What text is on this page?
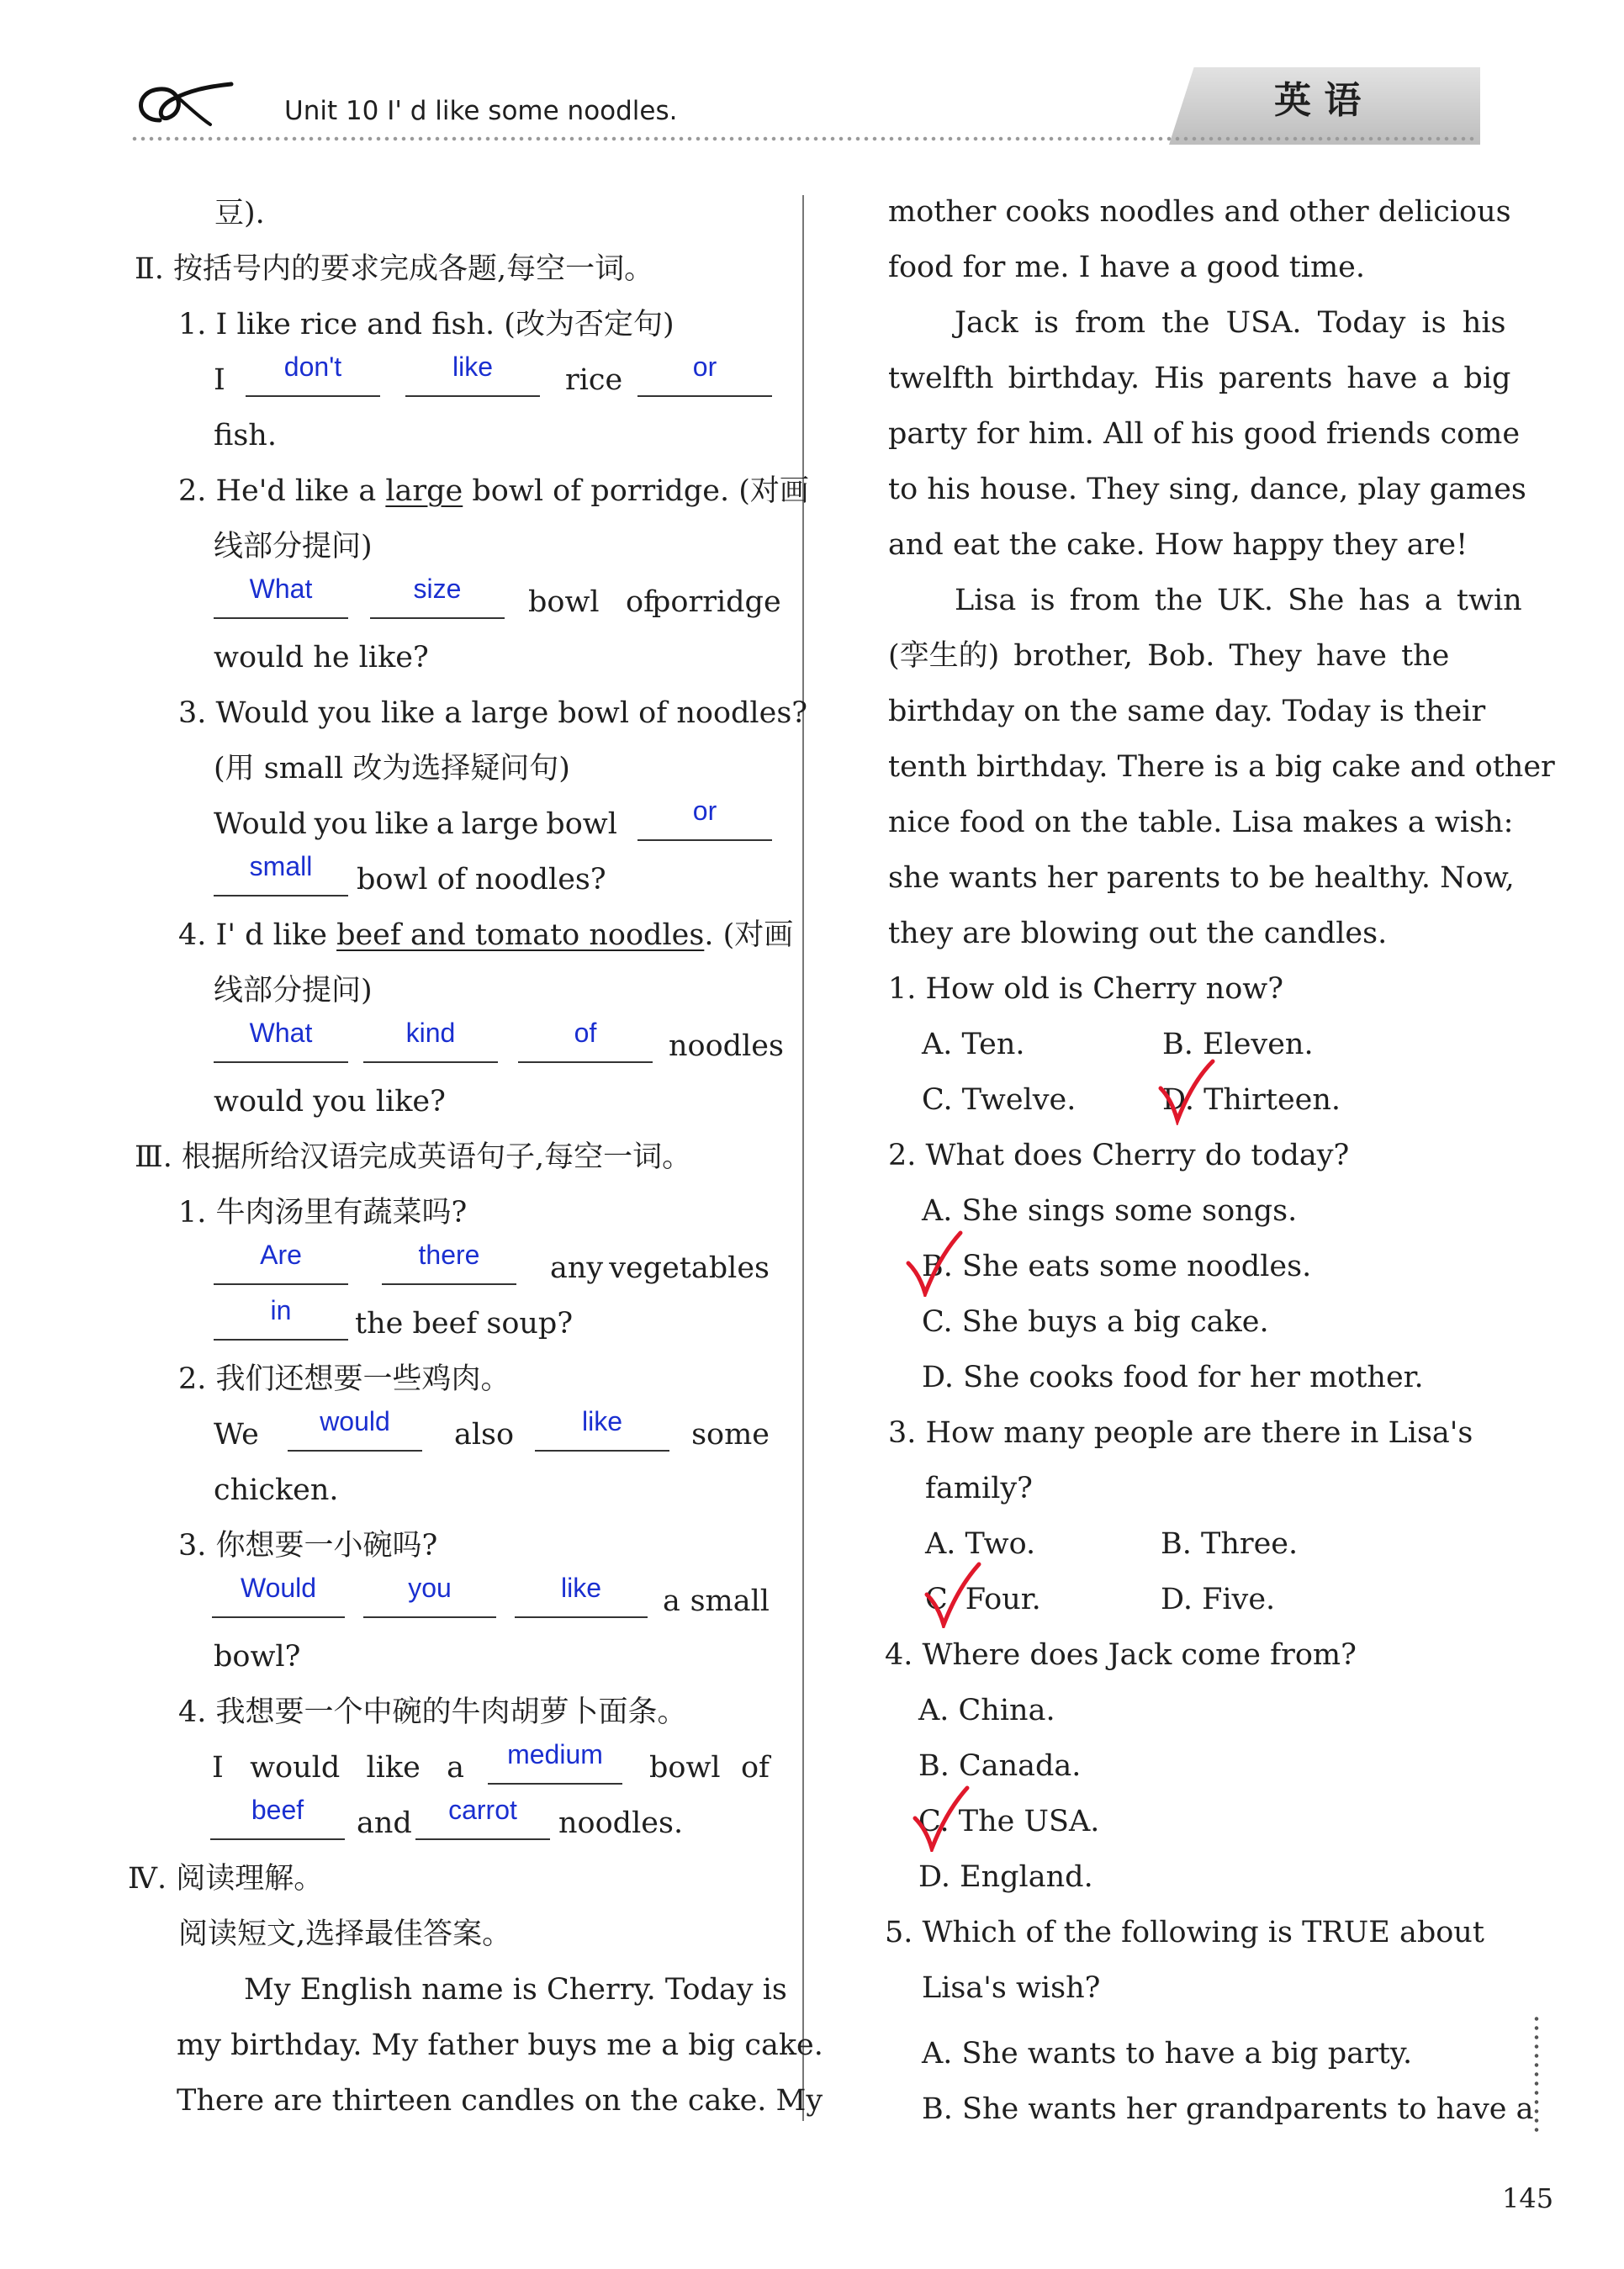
Unit 10 I' d like some noodles.	英 语
豆).
Ⅱ. 按括号内的要求完成各题,每空一词。
1. I like rice and fish. (改为否定句)
I	don't	like	rice	or
fish.
2. He'd like a large bowl of porridge. (对画
线部分提问)
What	size	bowl of
porridge
would he like?
3. Would you like a large bowl of noodles?
(用 small 改为选择疑问句)
Would you like a large bowl	or
small	bowl of noodles?
4. I' d like beef and tomato noodles. (对画
线部分提问)
What	kind	of	noodles
would you like?
Ⅲ. 根据所给汉语完成英语句子,每空一词。
1. 牛肉汤里有蔬菜吗?
Are	there	any vegetables
in	the beef soup?
2. 我们还想要一些鸡肉。
We	would	also	like	some
chicken.
3. 你想要一小碗吗?
Would	you	like	a small
bowl?
4. 我想要一个中碗的牛肉胡萝卜面条。
I would like a	medium	bowl of
beef	and	carrot	noodles.
Ⅳ. 阅读理解。
阅读短文,选择最佳答案。
My English name is Cherry. Today is
my birthday. My father buys me a big cake.
There are thirteen candles on the cake. My
mother cooks noodles and other delicious
food for me. I have a good time.
Jack is from the USA. Today is his
twelfth birthday. His parents have a big
party for him. All of his good friends come
to his house. They sing, dance, play games
and eat the cake. How happy they are!
Lisa is from the UK. She has a twin
(孪生的) brother, Bob. They have the
birthday on the same day. Today is their
tenth birthday. There is a big cake and other
nice food on the table. Lisa makes a wish:
she wants her parents to be healthy. Now,
they are blowing out the candles.
1. How old is Cherry now?
A. Ten.	B. Eleven.
C. Twelve.	D. Thirteen.
2. What does Cherry do today?
A. She sings some songs.
B. She eats some noodles.
C. She buys a big cake.
D. She cooks food for her mother.
3. How many people are there in Lisa's
family?
A. Two.	B. Three.
C. Four.	D. Five.
4. Where does Jack come from?
A. China.
B. Canada.
C. The USA.
D. England.
5. Which of the following is TRUE about
Lisa's wish?
A. She wants to have a big party.
B. She wants her grandparents to have a
145
